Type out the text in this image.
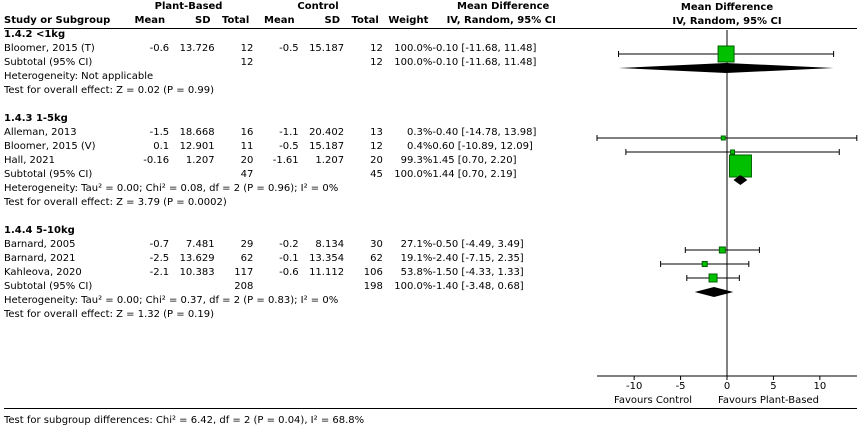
Mean Difference
IV, Random, 95% CI
	Plant-Based			Control				Mean Difference
Study or Subgroup	Mean	SD	Total	Mean	SD	Total	Weight	IV, Random, 95% CI
1.4.2 <1kg								
Bloomer, 2015 (T)	-0.6	13.726	12	-0.5	15.187	12	100.0%	-0.10 [-11.68, 11.48]
Subtotal (95% CI)			12			12	100.0%	-0.10 [-11.68, 11.48]
Heterogeneity: Not applicable								
Test for overall effect: Z = 0.02 (P = 0.99)								

1.4.3 1-5kg								
Alleman, 2013	-1.5	18.668	16	-1.1	20.402	13	0.3%	-0.40 [-14.78, 13.98]
Bloomer, 2015 (V)	0.1	12.901	11	-0.5	15.187	12	0.4%	0.60 [-10.89, 12.09]
Hall, 2021	-0.16	1.207	20	-1.61	1.207	20	99.3%	1.45 [0.70, 2.20]
Subtotal (95% CI)			47			45	100.0%	1.44 [0.70, 2.19]
Heterogeneity: Tau² = 0.00; Chi² = 0.08, df = 2 (P = 0.96); I² = 0%								
Test for overall effect: Z = 3.79 (P = 0.0002)								

1.4.4 5-10kg								
Barnard, 2005	-0.7	7.481	29	-0.2	8.134	30	27.1%	-0.50 [-4.49, 3.49]
Barnard, 2021	-2.5	13.629	62	-0.1	13.354	62	19.1%	-2.40 [-7.15, 2.35]
Kahleova, 2020	-2.1	10.383	117	-0.6	11.112	106	53.8%	-1.50 [-4.33, 1.33]
Subtotal (95% CI)			208			198	100.0%	-1.40 [-3.48, 0.68]
Heterogeneity: Tau² = 0.00; Chi² = 0.37, df = 2 (P = 0.83); I² = 0%								
Test for overall effect: Z = 1.32 (P = 0.19)								
Test for subgroup differences: Chi² = 6.42, df = 2 (P = 0.04), I² = 68.8%
-10	-5	0	5	10
Favours Control	Favours Plant-Based
